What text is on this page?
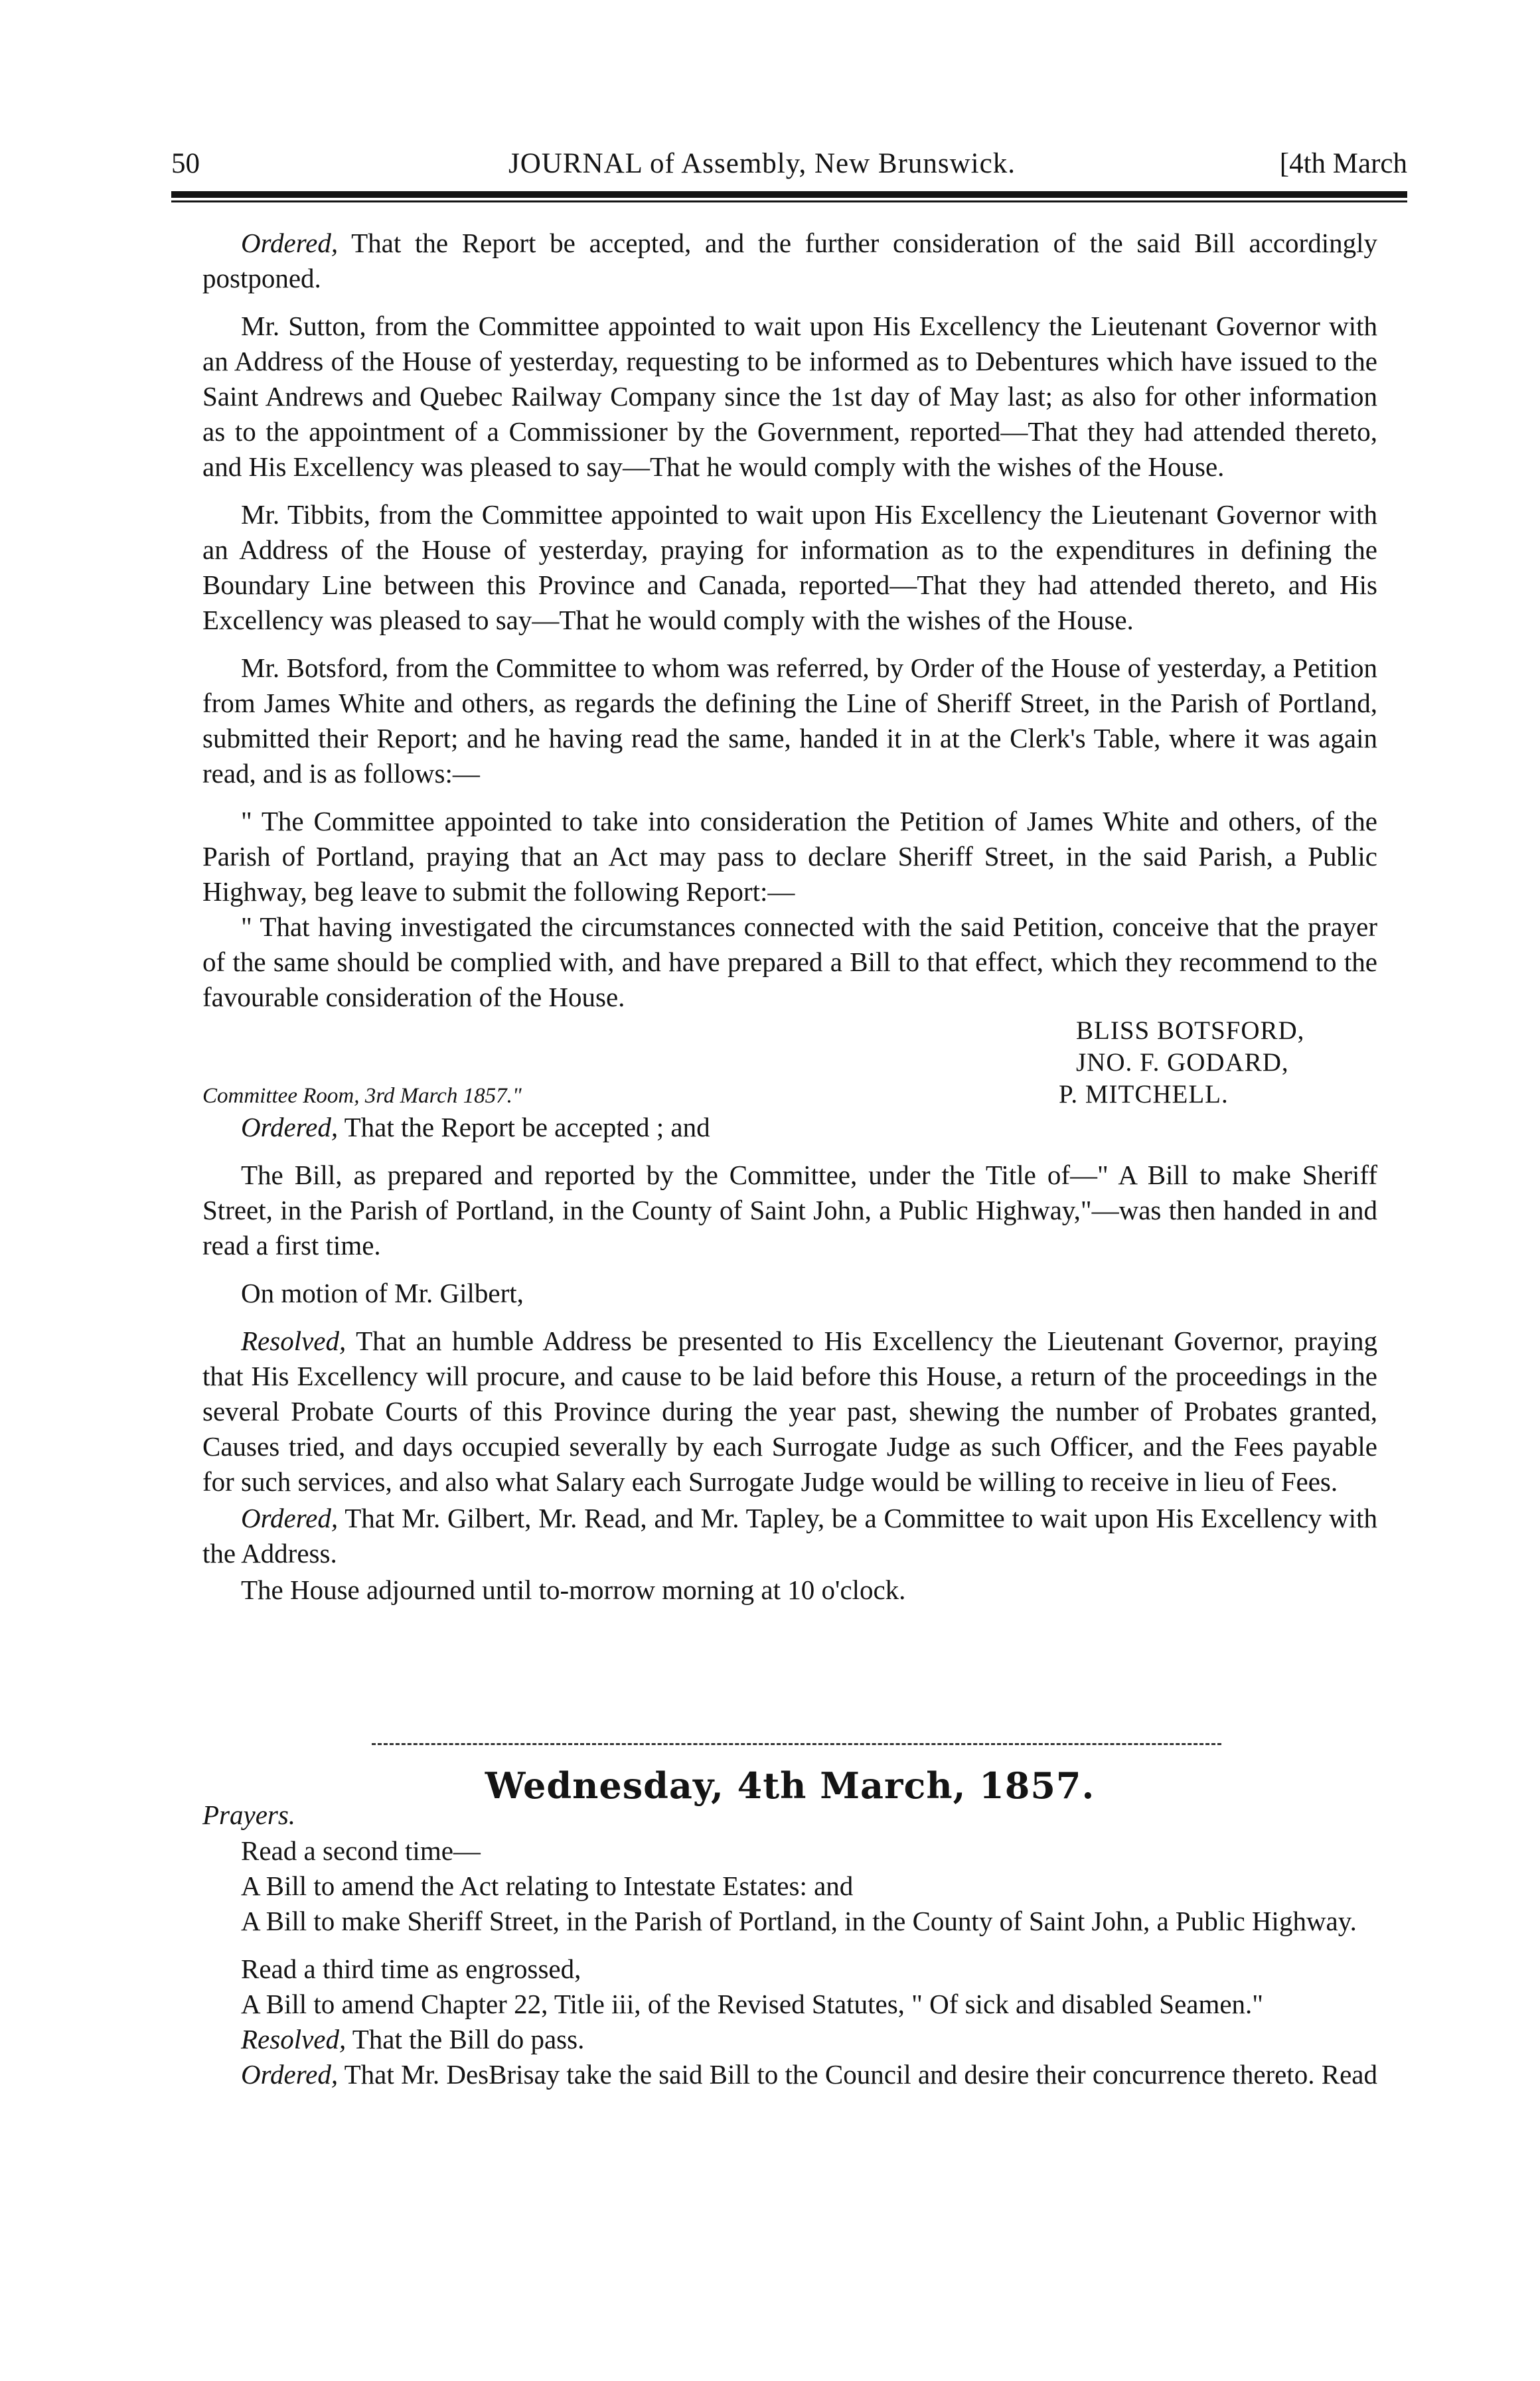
50	JOURNAL of Assembly, New Brunswick.	[4th March

Ordered, That the Report be accepted, and the further consideration of the said Bill accordingly postponed.

Mr. Sutton, from the Committee appointed to wait upon His Excellency the Lieutenant Governor with an Address of the House of yesterday, requesting to be informed as to Debentures which have issued to the Saint Andrews and Quebec Railway Company since the 1st day of May last; as also for other information as to the appointment of a Commissioner by the Government, reported—That they had attended thereto, and His Excellency was pleased to say—That he would comply with the wishes of the House.

Mr. Tibbits, from the Committee appointed to wait upon His Excellency the Lieutenant Governor with an Address of the House of yesterday, praying for information as to the expenditures in defining the Boundary Line between this Province and Canada, reported—That they had attended thereto, and His Excellency was pleased to say—That he would comply with the wishes of the House.

Mr. Botsford, from the Committee to whom was referred, by Order of the House of yesterday, a Petition from James White and others, as regards the defining the Line of Sheriff Street, in the Parish of Portland, submitted their Report; and he having read the same, handed it in at the Clerk's Table, where it was again read, and is as follows:—

" The Committee appointed to take into consideration the Petition of James White and others, of the Parish of Portland, praying that an Act may pass to declare Sheriff Street, in the said Parish, a Public Highway, beg leave to submit the following Report:—

" That having investigated the circumstances connected with the said Petition, conceive that the prayer of the same should be complied with, and have prepared a Bill to that effect, which they recommend to the favourable consideration of the House.

BLISS BOTSFORD,
JNO. F. GODARD,
P. MITCHELL.
Committee Room, 3rd March 1857."

Ordered, That the Report be accepted ; and

The Bill, as prepared and reported by the Committee, under the Title of—" A Bill to make Sheriff Street, in the Parish of Portland, in the County of Saint John, a Public Highway,"—was then handed in and read a first time.

On motion of Mr. Gilbert,

Resolved, That an humble Address be presented to His Excellency the Lieutenant Governor, praying that His Excellency will procure, and cause to be laid before this House, a return of the proceedings in the several Probate Courts of this Province during the year past, shewing the number of Probates granted, Causes tried, and days occupied severally by each Surrogate Judge as such Officer, and the Fees payable for such services, and also what Salary each Surrogate Judge would be willing to receive in lieu of Fees.

Ordered, That Mr. Gilbert, Mr. Read, and Mr. Tapley, be a Committee to wait upon His Excellency with the Address.

The House adjourned until to-morrow morning at 10 o'clock.

Wednesday, 4th March, 1857.
Prayers.

Read a second time—

A Bill to amend the Act relating to Intestate Estates: and

A Bill to make Sheriff Street, in the Parish of Portland, in the County of Saint John, a Public Highway.

Read a third time as engrossed,

A Bill to amend Chapter 22, Title iii, of the Revised Statutes, " Of sick and disabled Seamen."

Resolved, That the Bill do pass.

Ordered, That Mr. DesBrisay take the said Bill to the Council and desire their concurrence thereto. Read
